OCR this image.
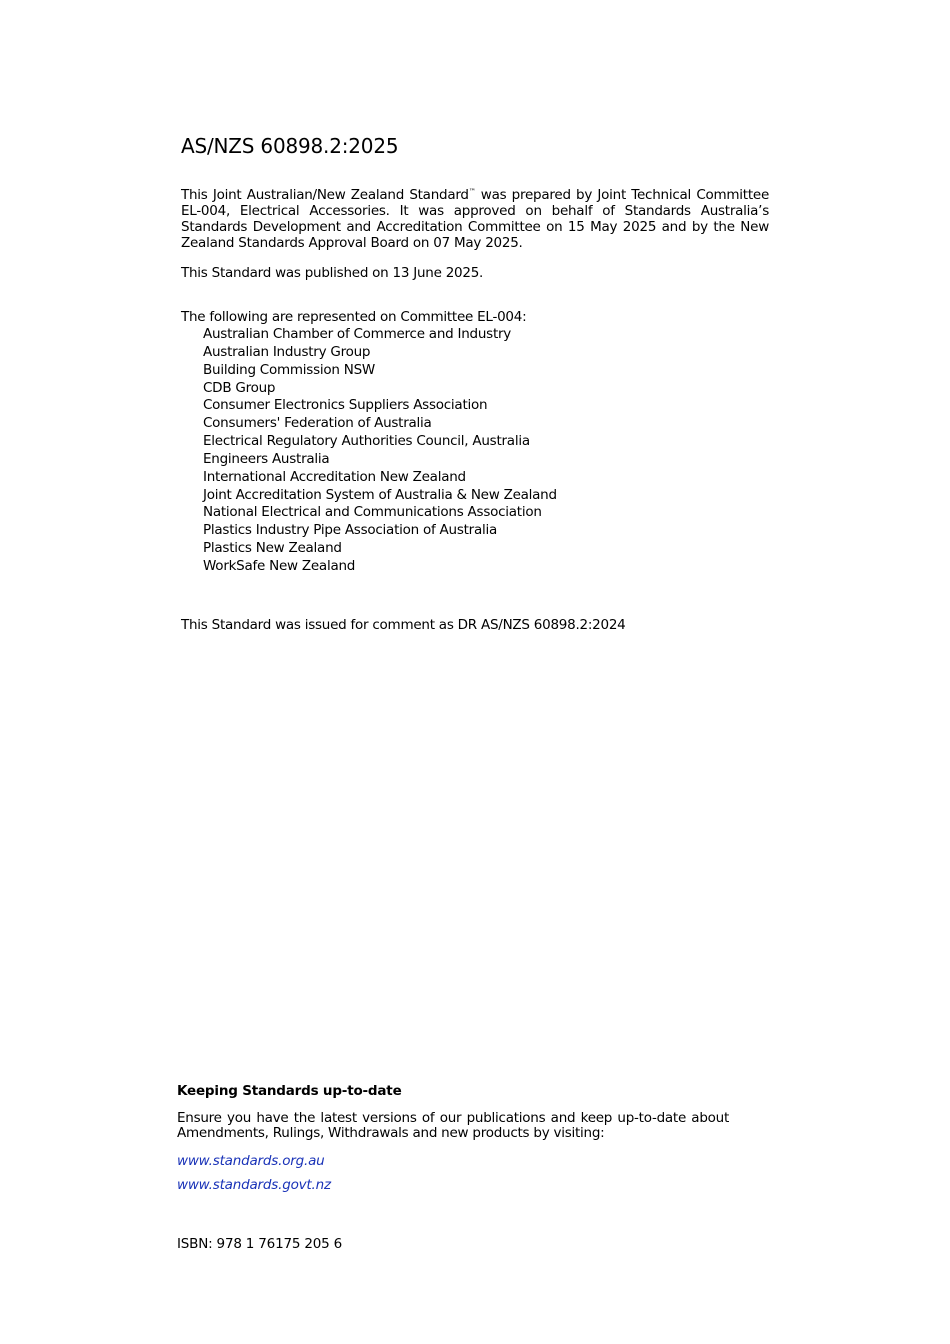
AS/NZS 60898.2:2025
This Joint Australian/New Zealand Standard™ was prepared by Joint Technical Committee EL-004, Electrical Accessories. It was approved on behalf of Standards Australia’s Standards Development and Accreditation Committee on 15 May 2025 and by the New Zealand Standards Approval Board on 07 May 2025.
This Standard was published on 13 June 2025.
The following are represented on Committee EL-004:
Australian Chamber of Commerce and Industry
Australian Industry Group
Building Commission NSW
CDB Group
Consumer Electronics Suppliers Association
Consumers' Federation of Australia
Electrical Regulatory Authorities Council, Australia
Engineers Australia
International Accreditation New Zealand
Joint Accreditation System of Australia & New Zealand
National Electrical and Communications Association
Plastics Industry Pipe Association of Australia
Plastics New Zealand
WorkSafe New Zealand
This Standard was issued for comment as DR AS/NZS 60898.2:2024
Keeping Standards up-to-date
Ensure you have the latest versions of our publications and keep up-to-date about Amendments, Rulings, Withdrawals and new products by visiting:
www.standards.org.au
www.standards.govt.nz
ISBN: 978 1 76175 205 6
